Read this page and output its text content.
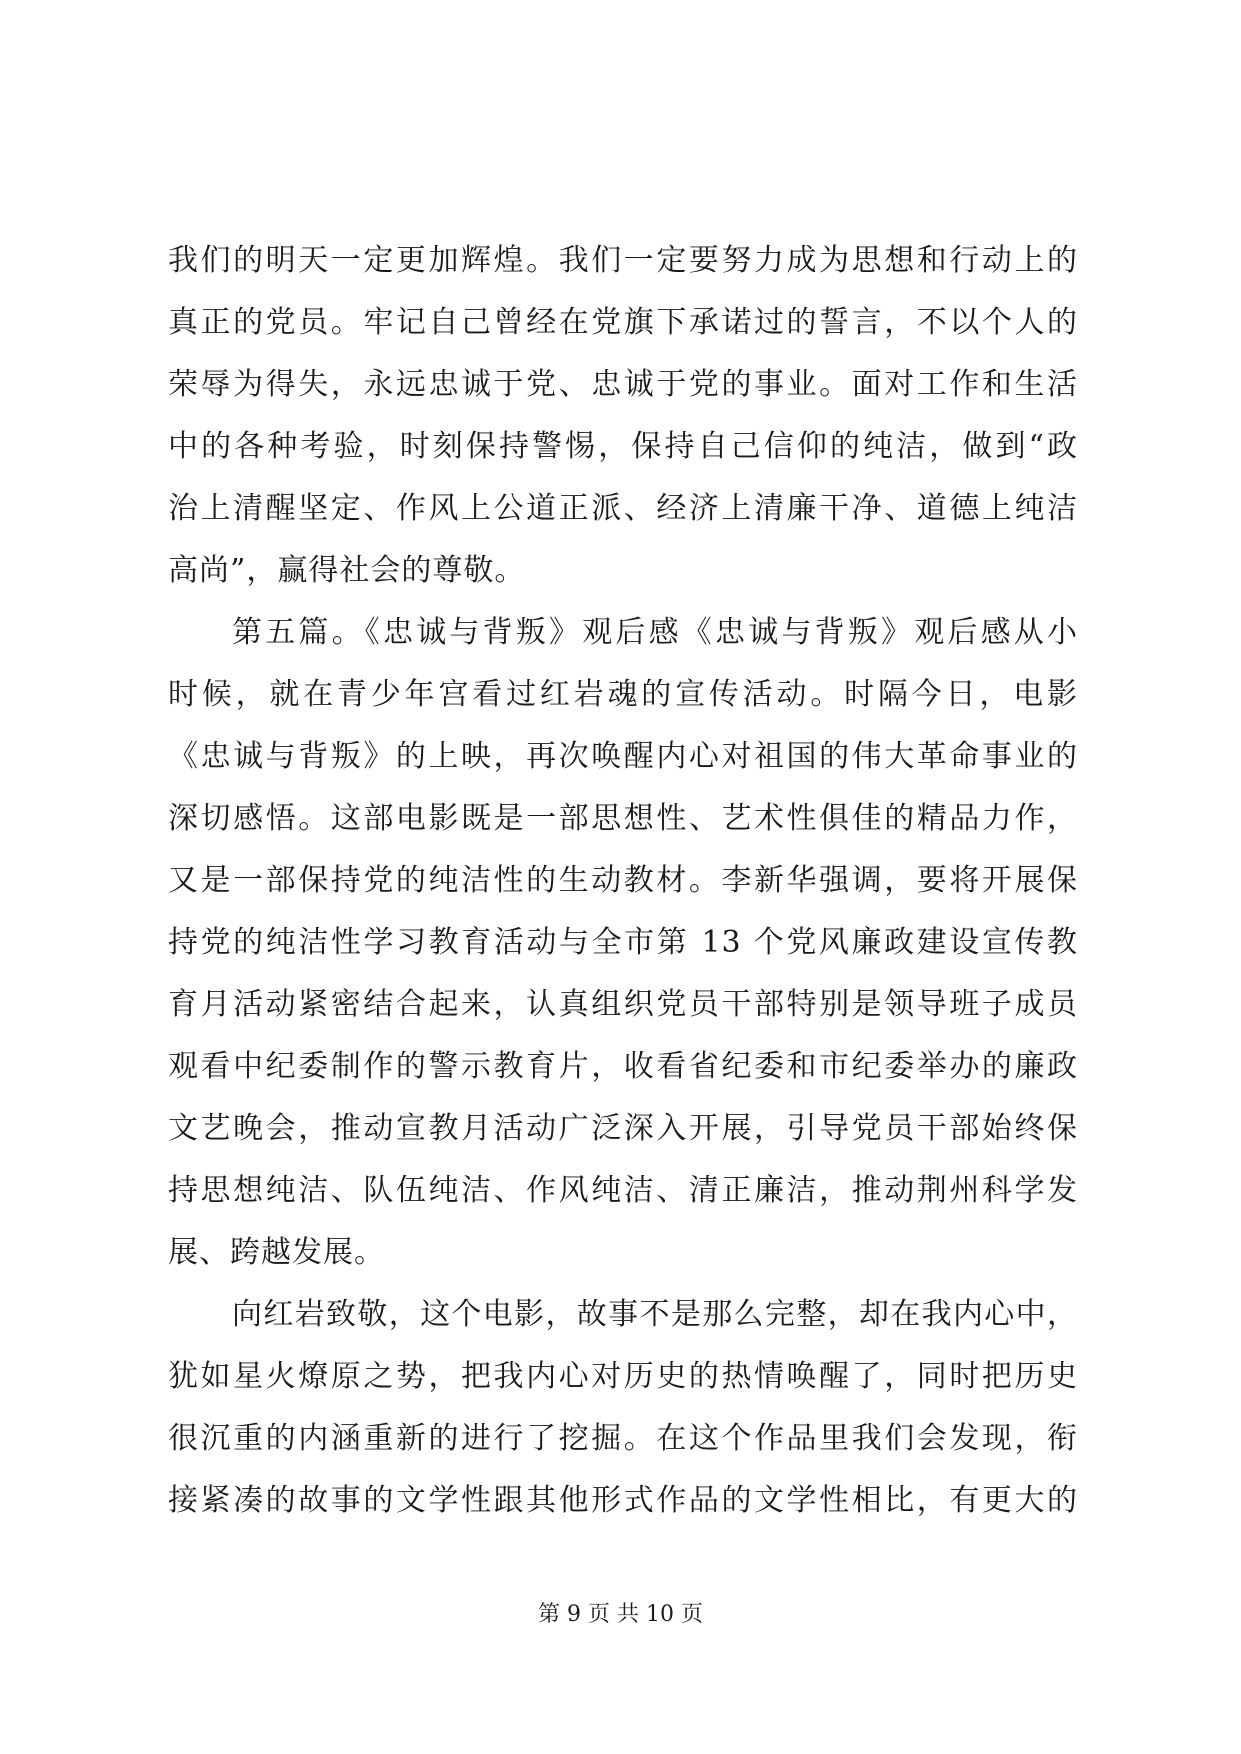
我们的明天一定更加辉煌。我们一定要努力成为思想和行动上的
真正的党员。牢记自己曾经在党旗下承诺过的誓言，不以个人的
荣辱为得失，永远忠诚于党、忠诚于党的事业。面对工作和生活
中的各种考验，时刻保持警惕，保持自己信仰的纯洁，做到“政
治上清醒坚定、作风上公道正派、经济上清廉干净、道德上纯洁
高尚”，赢得社会的尊敬。
第五篇。《忠诚与背叛》观后感《忠诚与背叛》观后感从小
时候，就在青少年宫看过红岩魂的宣传活动。时隔今日，电影
《忠诚与背叛》的上映，再次唤醒内心对祖国的伟大革命事业的
深切感悟。这部电影既是一部思想性、艺术性俱佳的精品力作，
又是一部保持党的纯洁性的生动教材。李新华强调，要将开展保
持党的纯洁性学习教育活动与全市第 13 个党风廉政建设宣传教
育月活动紧密结合起来，认真组织党员干部特别是领导班子成员
观看中纪委制作的警示教育片，收看省纪委和市纪委举办的廉政
文艺晚会，推动宣教月活动广泛深入开展，引导党员干部始终保
持思想纯洁、队伍纯洁、作风纯洁、清正廉洁，推动荆州科学发
展、跨越发展。
向红岩致敬，这个电影，故事不是那么完整，却在我内心中，
犹如星火燎原之势，把我内心对历史的热情唤醒了，同时把历史
很沉重的内涵重新的进行了挖掘。在这个作品里我们会发现，衔
接紧凑的故事的文学性跟其他形式作品的文学性相比，有更大的
第 9 页 共 10 页
